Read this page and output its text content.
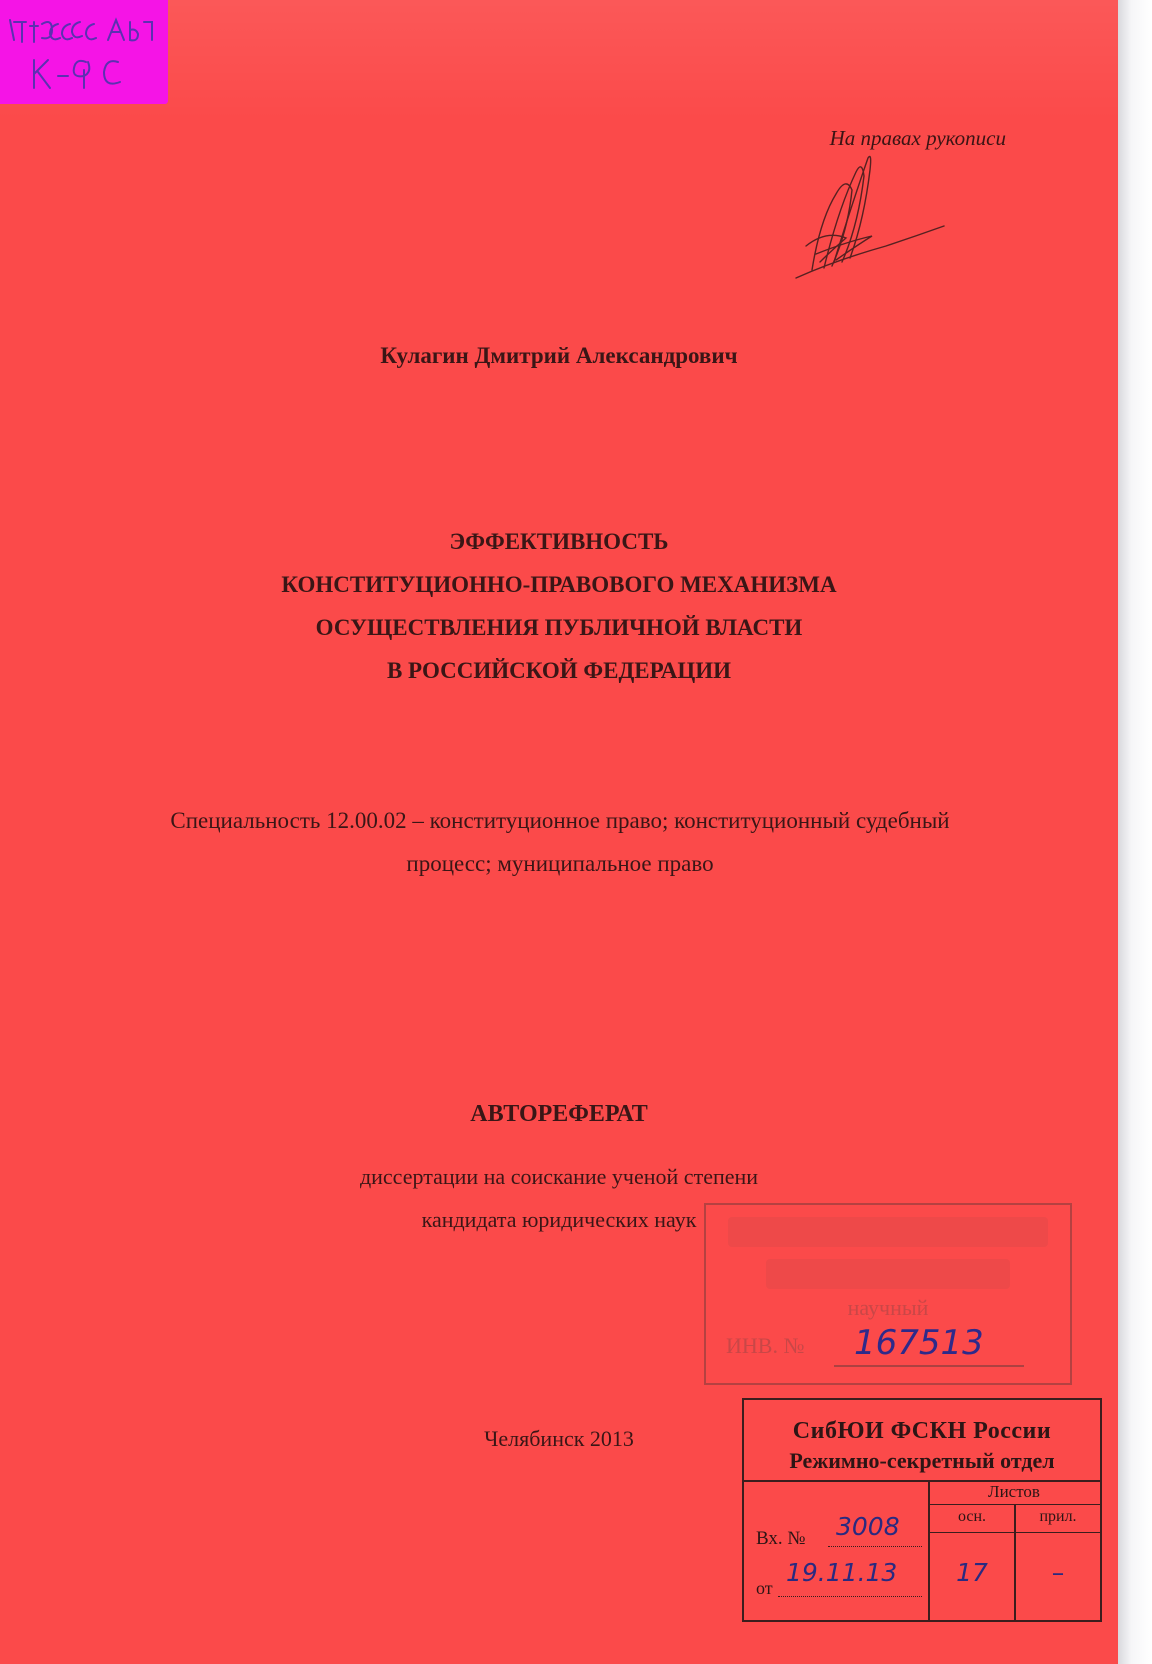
На правах рукописи
Кулагин Дмитрий Александрович
ЭФФЕКТИВНОСТЬ
КОНСТИТУЦИОННО-ПРАВОВОГО МЕХАНИЗМА
ОСУЩЕСТВЛЕНИЯ ПУБЛИЧНОЙ ВЛАСТИ
В РОССИЙСКОЙ ФЕДЕРАЦИИ
Специальность 12.00.02 – конституционное право; конституционный судебный
процесс; муниципальное право
АВТОРЕФЕРАТ
диссертации на соискание ученой степени
кандидата юридических наук
Челябинск 2013
научный
ИНВ. № 167513
СибЮИ ФСКН России
Режимно-секретный отдел
Листов
осн.	прил.
Вх. № 3008
от
19.11.13	17	–
